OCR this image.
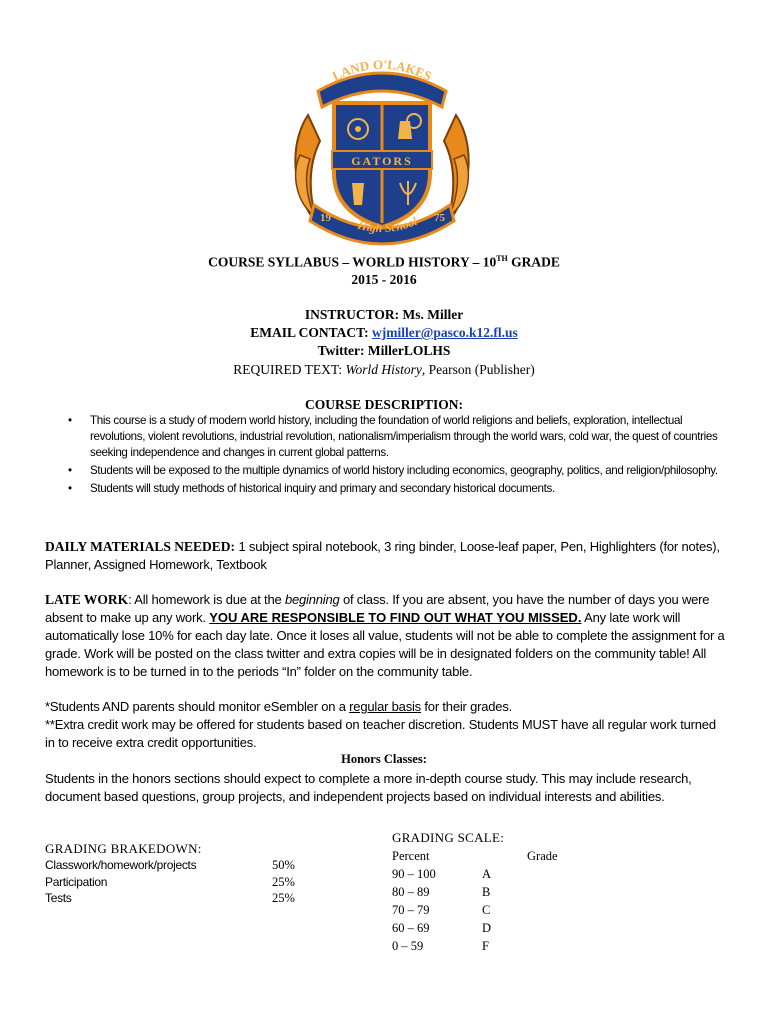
LAND O'LAKES
GATORS
High School
19	75
COURSE SYLLABUS – WORLD HISTORY – 10TH GRADE
2015 - 2016
INSTRUCTOR: Ms. Miller
EMAIL CONTACT: wjmiller@pasco.k12.fl.us
Twitter: MillerLOLHS
REQUIRED TEXT: World History, Pearson (Publisher)
COURSE DESCRIPTION:
• This course is a study of modern world history, including the foundation of world religions and beliefs, exploration, intellectual revolutions, violent revolutions, industrial revolution, nationalism/imperialism through the world wars, cold war, the quest of countries seeking independence and changes in current global patterns.
• Students will be exposed to the multiple dynamics of world history including economics, geography, politics, and religion/philosophy.
• Students will study methods of historical inquiry and primary and secondary historical documents.
DAILY MATERIALS NEEDED: 1 subject spiral notebook, 3 ring binder, Loose-leaf paper, Pen, Highlighters (for notes), Planner, Assigned Homework, Textbook
LATE WORK: All homework is due at the beginning of class. If you are absent, you have the number of days you were absent to make up any work. YOU ARE RESPONSIBLE TO FIND OUT WHAT YOU MISSED. Any late work will automatically lose 10% for each day late. Once it loses all value, students will not be able to complete the assignment for a grade. Work will be posted on the class twitter and extra copies will be in designated folders on the community table! All homework is to be turned in to the periods “In” folder on the community table.
*Students AND parents should monitor eSembler on a regular basis for their grades.
**Extra credit work may be offered for students based on teacher discretion. Students MUST have all regular work turned in to receive extra credit opportunities.
Honors Classes:
Students in the honors sections should expect to complete a more in-depth course study. This may include research, document based questions, group projects, and independent projects based on individual interests and abilities.
GRADING BRAKEDOWN:
Classwork/homework/projects	50%
Participation	25%
Tests	25%
GRADING SCALE:
Percent	Grade
90 – 100	A
80 – 89	B
70 – 79	C
60 – 69	D
0 – 59	F
